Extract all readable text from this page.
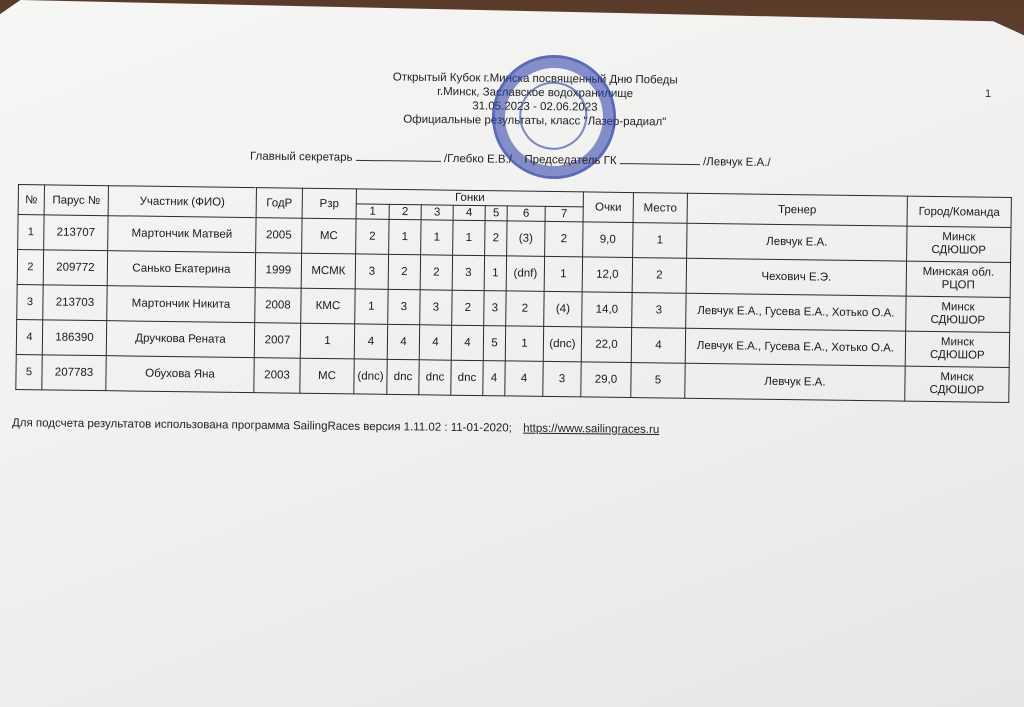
Открытый Кубок г.Минска посвященный Дню Победы
г.Минск, Заславское водохранилище
31.05.2023 - 02.06.2023
Официальные результаты, класс "Лазер-радиал"
1
Главный секретарь	/Глебко Е.В./ Председатель ГК	/Левчук Е.А./
№	Парус №	Участник (ФИО)	ГодР	Рзр	Гонки							Очки	Место	Тренер	Город/Команда
					1	2	3	4	5	6	7				
1	213707	Мартончик Матвей	2005	МС	2	1	1	1	2	(3)	2	9,0	1	Левчук Е.А.	Минск
СДЮШОР

2	209772	Санько Екатерина	1999	МСМК	3	2	2	3	1	(dnf)	1	12,0	2	Чехович Е.Э.	Минская обл.
РЦОП

3	213703	Мартончик Никита	2008	КМС	1	3	3	2	3	2	(4)	14,0	3	Левчук Е.А., Гусева Е.А., Хотько О.А.	Минск
СДЮШОР

4	186390	Дручкова Рената	2007	1	4	4	4	4	5	1	(dnc)	22,0	4	Левчук Е.А., Гусева Е.А., Хотько О.А.	Минск
СДЮШОР

5	207783	Обухова Яна	2003	МС	(dnc)	dnc	dnc	dnc	4	4	3	29,0	5	Левчук Е.А.	Минск
СДЮШОР
Для подсчета результатов использована программа SailingRaces версия 1.11.02 : 11-01-2020; https://www.sailingraces.ru
